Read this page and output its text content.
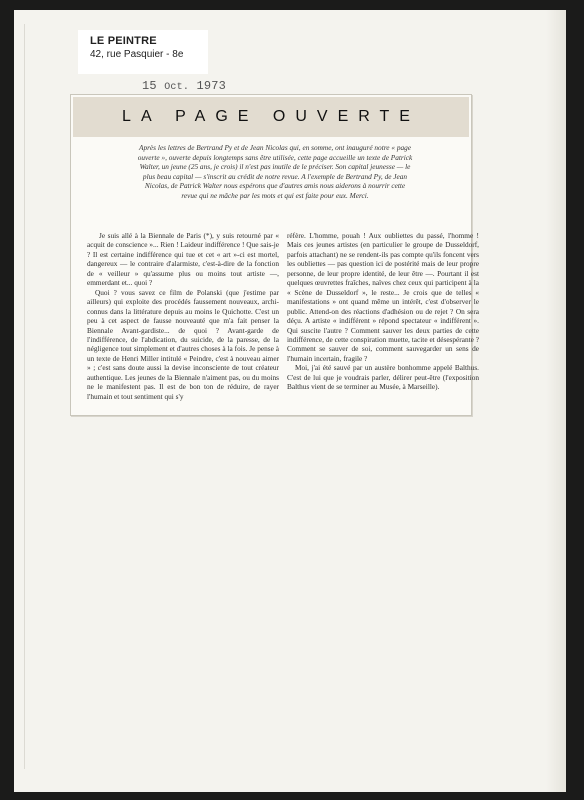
LE PEINTRE
42, rue Pasquier - 8e
15 Oct. 1973
LA PAGE OUVERTE
Après les lettres de Bertrand Py et de Jean Nicolas qui, en somme, ont inauguré notre « page ouverte », ouverte depuis longtemps sans être utilisée, cette page accueille un texte de Patrick Walter, un jeune (25 ans, je crois) il n'est pas inutile de le préciser. Son capital jeunesse — le plus beau capital — s'inscrit au crédit de notre revue. A l'exemple de Bertrand Py, de Jean Nicolas, de Patrick Walter nous espérons que d'autres amis nous aiderons à nourrir cette revue qui ne mâche par les mots et qui est faite pour eux. Merci.

Je suis allé à la Biennale de Paris (*), y suis retourné par « acquit de conscience »... Rien ! Laideur indifférence ! Que sais-je ? Il est certaine indifférence qui tue et cet « art »-ci est mortel, dangereux — le contraire d'alarmiste, c'est-à-dire de la fonction de « veilleur » qu'assume plus ou moins tout artiste —, emmerdant et... quoi ?

Quoi ? vous savez ce film de Polanski (que j'estime par ailleurs) qui exploite des procédés faussement nouveaux, archi-connus dans la littérature depuis au moins le Quichotte. C'est un peu à cet aspect de fausse nouveauté que m'a fait penser la Biennale Avant-gardiste... de quoi ? Avant-garde de l'indifférence, de l'abdication, du suicide, de la paresse, de la négligence tout simplement et d'autres choses à la fois. Je pense à un texte de Henri Miller intitulé « Peindre, c'est à nouveau aimer » ; c'est sans doute aussi la devise inconsciente de tout créateur authentique. Les jeunes de la Biennale n'aiment pas, ou du moins ne le manifestent pas. Il est de bon ton de réduire, de rayer l'humain et tout sentiment qui s'y

réfère. L'homme, pouah ! Aux oubliettes du passé, l'homme ! Mais ces jeunes artistes (en particulier le groupe de Dusseldorf, parfois attachant) ne se rendent-ils pas compte qu'ils foncent vers les oubliettes — pas question ici de postérité mais de leur propre personne, de leur propre identité, de leur être —. Pourtant il est quelques œuvrettes fraîches, naïves chez ceux qui participent à la « Scène de Dusseldorf », le reste... Je crois que de telles « manifestations » ont quand même un intérêt, c'est d'observer le public. Attend-on des réactions d'adhésion ou de rejet ? On sera déçu. A artiste « indifférent » répond spectateur « indifférent ». Qui suscite l'autre ? Comment sauver les deux parties de cette indifférence, de cette conspiration muette, tacite et désespérante ? Comment se sauver de soi, comment sauvegarder un sens de l'humain incertain, fragile ?

Moi, j'ai été sauvé par un austère bonhomme appelé Balthus. C'est de lui que je voudrais parler, délirer peut-être (l'exposition Balthus vient de se terminer au Musée, à Marseille).
